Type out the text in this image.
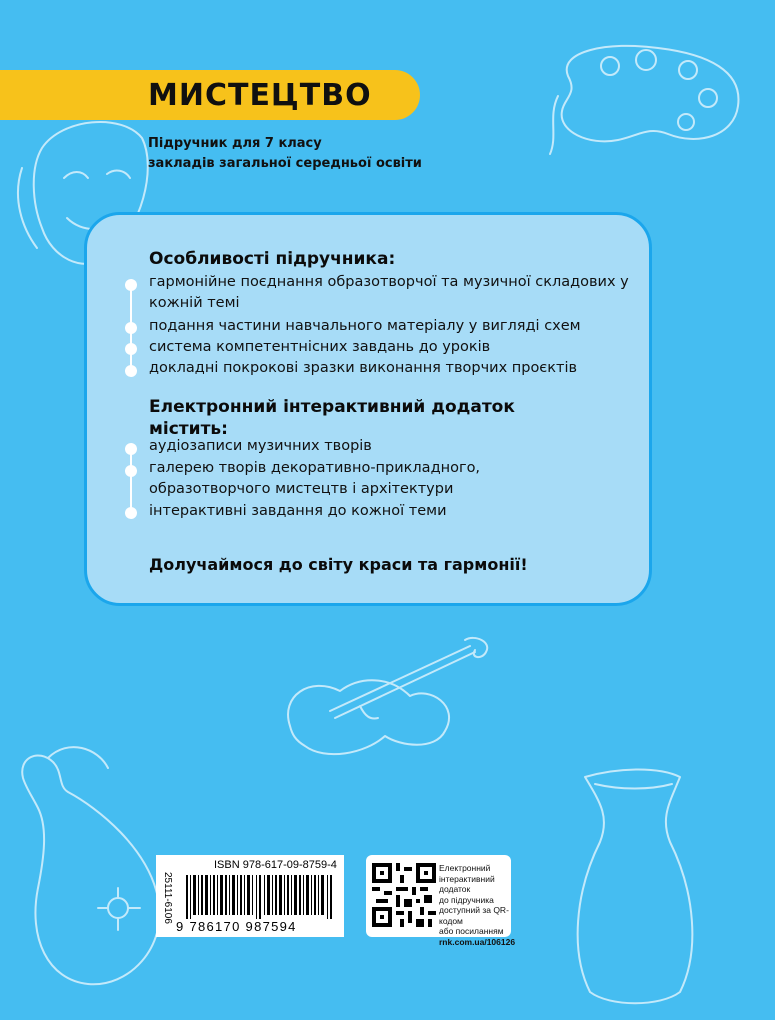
МИСТЕЦТВО
Підручник для 7 класу
закладів загальної середньої освіти
Особливості підручника:
гармонійне поєднання образотворчої та музичної складових у кожній темі
подання частини навчального матеріалу у вигляді схем
система компетентнісних завдань до уроків
докладні покрокові зразки виконання творчих проєктів
Електронний інтерактивний додаток
містить:
аудіозаписи музичних творів
галерею творів декоративно-прикладного, образотворчого мистецтв і архітектури
інтерактивні завдання до кожної теми
Долучаймося до світу краси та гармонії!
25111-6106
ISBN 978-617-09-8759-4
9 786170 987594
Електронний
інтерактивний додаток
до підручника
доступний за QR-кодом
або посиланням
rnk.com.ua/106126
